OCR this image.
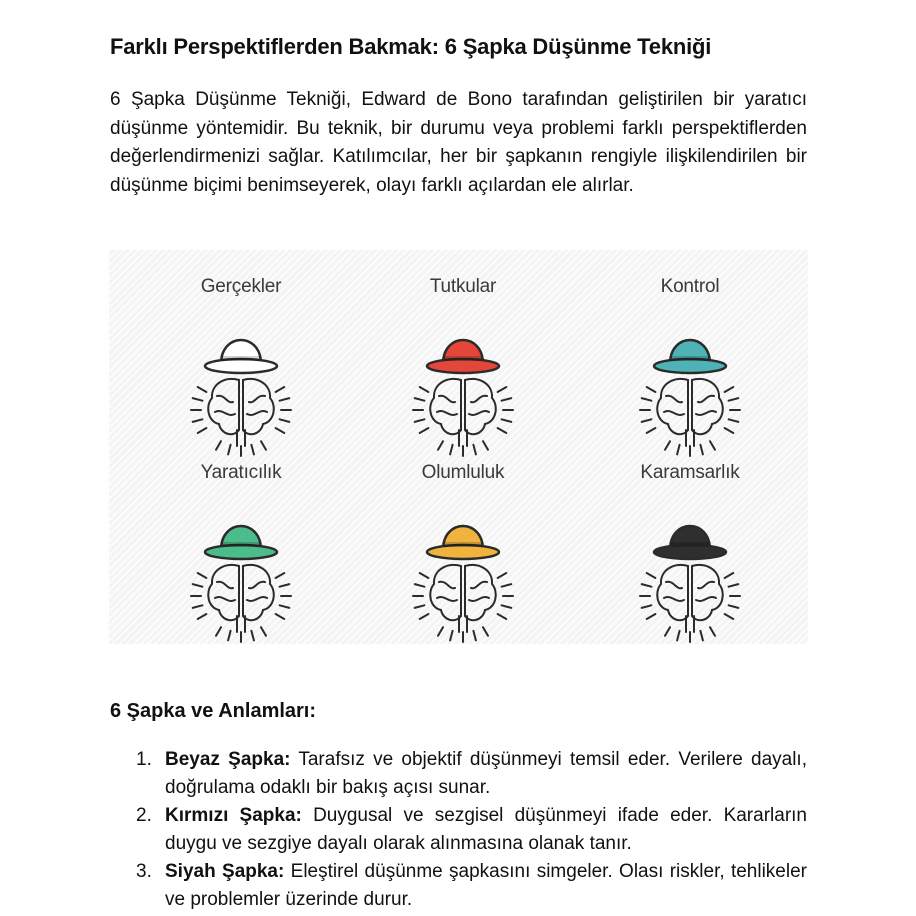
Farklı Perspektiflerden Bakmak: 6 Şapka Düşünme Tekniği

6 Şapka Düşünme Tekniği, Edward de Bono tarafından geliştirilen bir yaratıcı düşünme yöntemidir. Bu teknik, bir durumu veya problemi farklı perspektiflerden değerlendirmenizi sağlar. Katılımcılar, her bir şapkanın rengiyle ilişkilendirilen bir düşünme biçimi benimseyerek, olayı farklı açılardan ele alırlar.

Gerçekler	Tutkular	Kontrol
Yaratıcılık	Olumluluk	Karamsarlık
6 Şapka ve Anlamları:
1. Beyaz Şapka: Tarafsız ve objektif düşünmeyi temsil eder. Verilere dayalı, doğrulama odaklı bir bakış açısı sunar.
2. Kırmızı Şapka: Duygusal ve sezgisel düşünmeyi ifade eder. Kararların duygu ve sezgiye dayalı olarak alınmasına olanak tanır.
3. Siyah Şapka: Eleştirel düşünme şapkasını simgeler. Olası riskler, tehlikeler ve problemler üzerinde durur.
